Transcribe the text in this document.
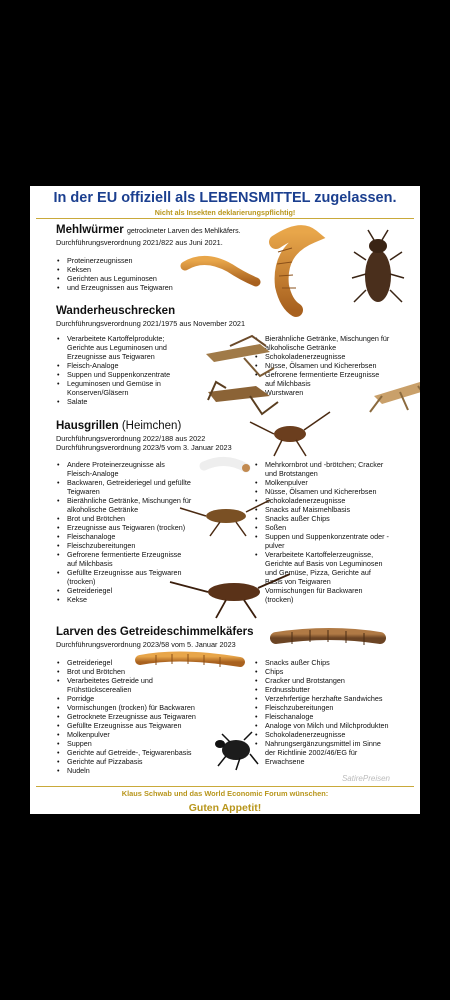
In der EU offiziell als LEBENSMITTEL zugelassen.
Nicht als Insekten deklarierungspflichtig!
Mehlwürmer getrockneter Larven des Mehlkäfers.
Durchführungsverordnung 2021/822 aus Juni 2021.
• Proteinerzeugnissen
• Keksen
• Gerichten aus Leguminosen
• und Erzeugnissen aus Teigwaren
Wanderheuschrecken
Durchführungsverordnung 2021/1975 aus November 2021
• Verarbeitete Kartoffelprodukte;
Gerichte aus Leguminosen und
Erzeugnisse aus Teigwaren
• Fleisch-Analoge
• Suppen und Suppenkonzentrate
• Leguminosen und Gemüse in
Konserven/Gläsern
• Salate
• Bierähnliche Getränke, Mischungen für
alkoholische Getränke
• Schokoladenerzeugnisse
• Nüsse, Ölsamen und Kichererbsen
• Gefrorene fermentierte Erzeugnisse
auf Milchbasis
• Wurstwaren
Hausgrillen (Heimchen)
Durchführungsverordnung 2022/188 aus 2022
Durchführungsverordnung 2023/5 vom 3. Januar 2023
• Andere Proteinerzeugnisse als
Fleisch-Analoge
• Backwaren, Getreideriegel und gefüllte
Teigwaren
• Bierähnliche Getränke, Mischungen für
alkoholische Getränke
• Brot und Brötchen
• Erzeugnisse aus Teigwaren (trocken)
• Fleischanaloge
• Fleischzubereitungen
• Gefrorene fermentierte Erzeugnisse
auf Milchbasis
• Gefüllte Erzeugnisse aus Teigwaren
(trocken)
• Getreideriegel
• Kekse
• Mehrkornbrot und -brötchen; Cracker
und Brotstangen
• Molkenpulver
• Nüsse, Ölsamen und Kichererbsen
• Schokoladenerzeugnisse
• Snacks auf Maismehlbasis
• Snacks außer Chips
• Soßen
• Suppen und Suppenkonzentrate oder -
pulver
• Verarbeitete Kartoffelerzeugnisse,
Gerichte auf Basis von Leguminosen
und Gemüse, Pizza, Gerichte auf
Basis von Teigwaren
• Vormischungen für Backwaren
(trocken)
Larven des Getreideschimmelkäfers
Durchführungsverordnung 2023/58 vom 5. Januar 2023
• Getreideriegel
• Brot und Brötchen
• Verarbeitetes Getreide und
Frühstückscerealien
• Porridge
• Vormischungen (trocken) für Backwaren
• Getrocknete Erzeugnisse aus Teigwaren
• Gefüllte Erzeugnisse aus Teigwaren
• Molkenpulver
• Suppen
• Gerichte auf Getreide-, Teigwarenbasis
• Gerichte auf Pizzabasis
• Nudeln
• Snacks außer Chips
• Chips
• Cracker und Brotstangen
• Erdnussbutter
• Verzehrfertige herzhafte Sandwiches
• Fleischzubereitungen
• Fleischanaloge
• Analoge von Milch und Milchprodukten
• Schokoladenerzeugnisse
• Nahrungsergänzungsmittel im Sinne
der Richtlinie 2002/46/EG für
Erwachsene
SatirePreisen
Klaus Schwab und das World Economic Forum wünschen:
Guten Appetit!
